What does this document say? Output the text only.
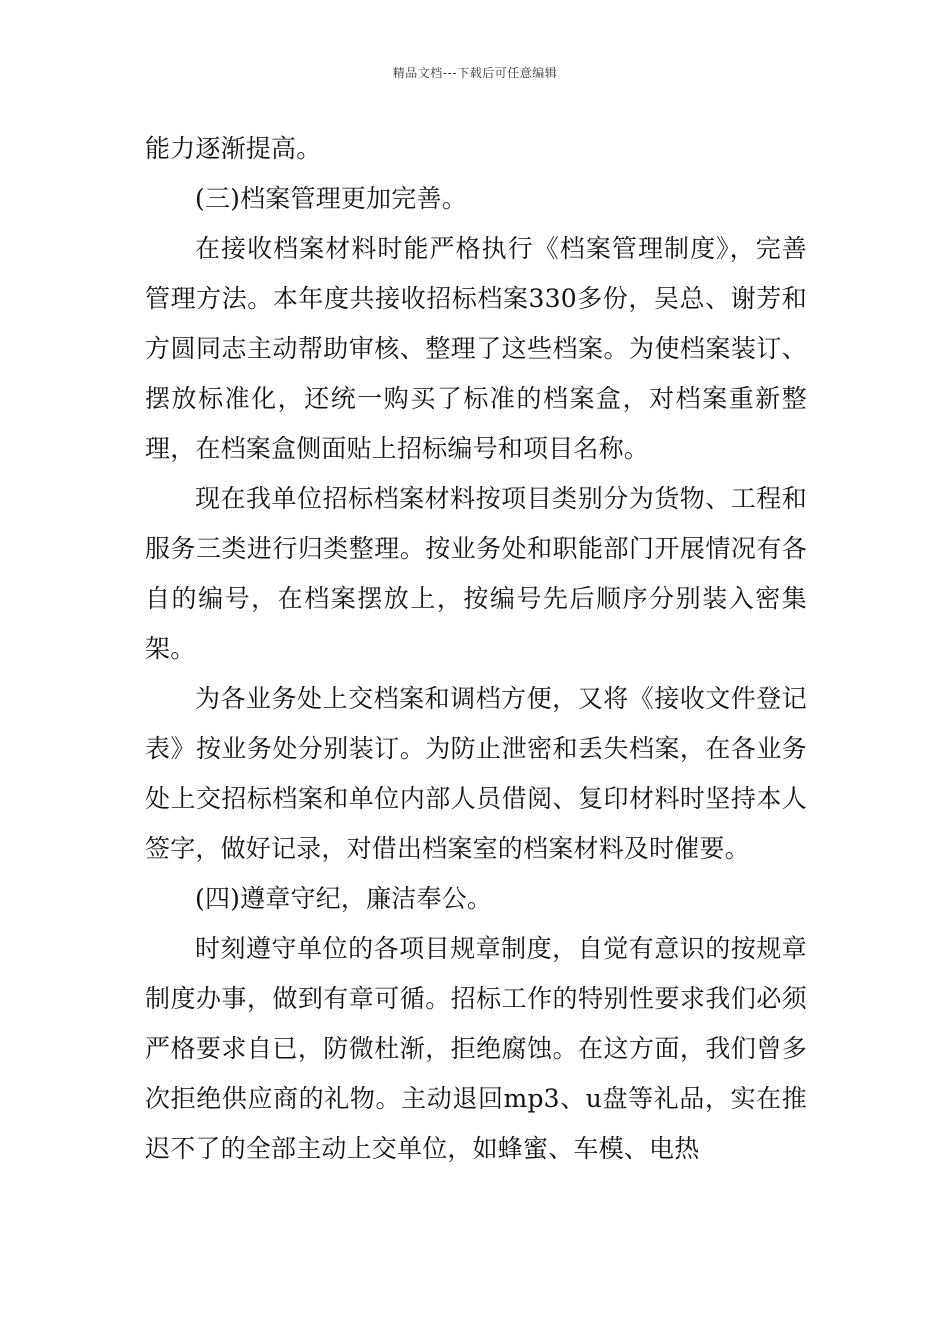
精品文档---下载后可任意编辑

能力逐渐提高。

(三)档案管理更加完善。

在接收档案材料时能严格执行《档案管理制度》，完善管理方法。本年度共接收招标档案330多份，吴总、谢芳和方圆同志主动帮助审核、整理了这些档案。为使档案装订、摆放标准化，还统一购买了标准的档案盒，对档案重新整理，在档案盒侧面贴上招标编号和项目名称。

现在我单位招标档案材料按项目类别分为货物、工程和服务三类进行归类整理。按业务处和职能部门开展情况有各自的编号，在档案摆放上，按编号先后顺序分别装入密集架。

为各业务处上交档案和调档方便，又将《接收文件登记表》按业务处分别装订。为防止泄密和丢失档案，在各业务处上交招标档案和单位内部人员借阅、复印材料时坚持本人签字，做好记录，对借出档案室的档案材料及时催要。

(四)遵章守纪，廉洁奉公。

时刻遵守单位的各项目规章制度，自觉有意识的按规章制度办事，做到有章可循。招标工作的特别性要求我们必须严格要求自已，防微杜渐，拒绝腐蚀。在这方面，我们曾多次拒绝供应商的礼物。主动退回mp3、u盘等礼品，实在推迟不了的全部主动上交单位，如蜂蜜、车模、电热
